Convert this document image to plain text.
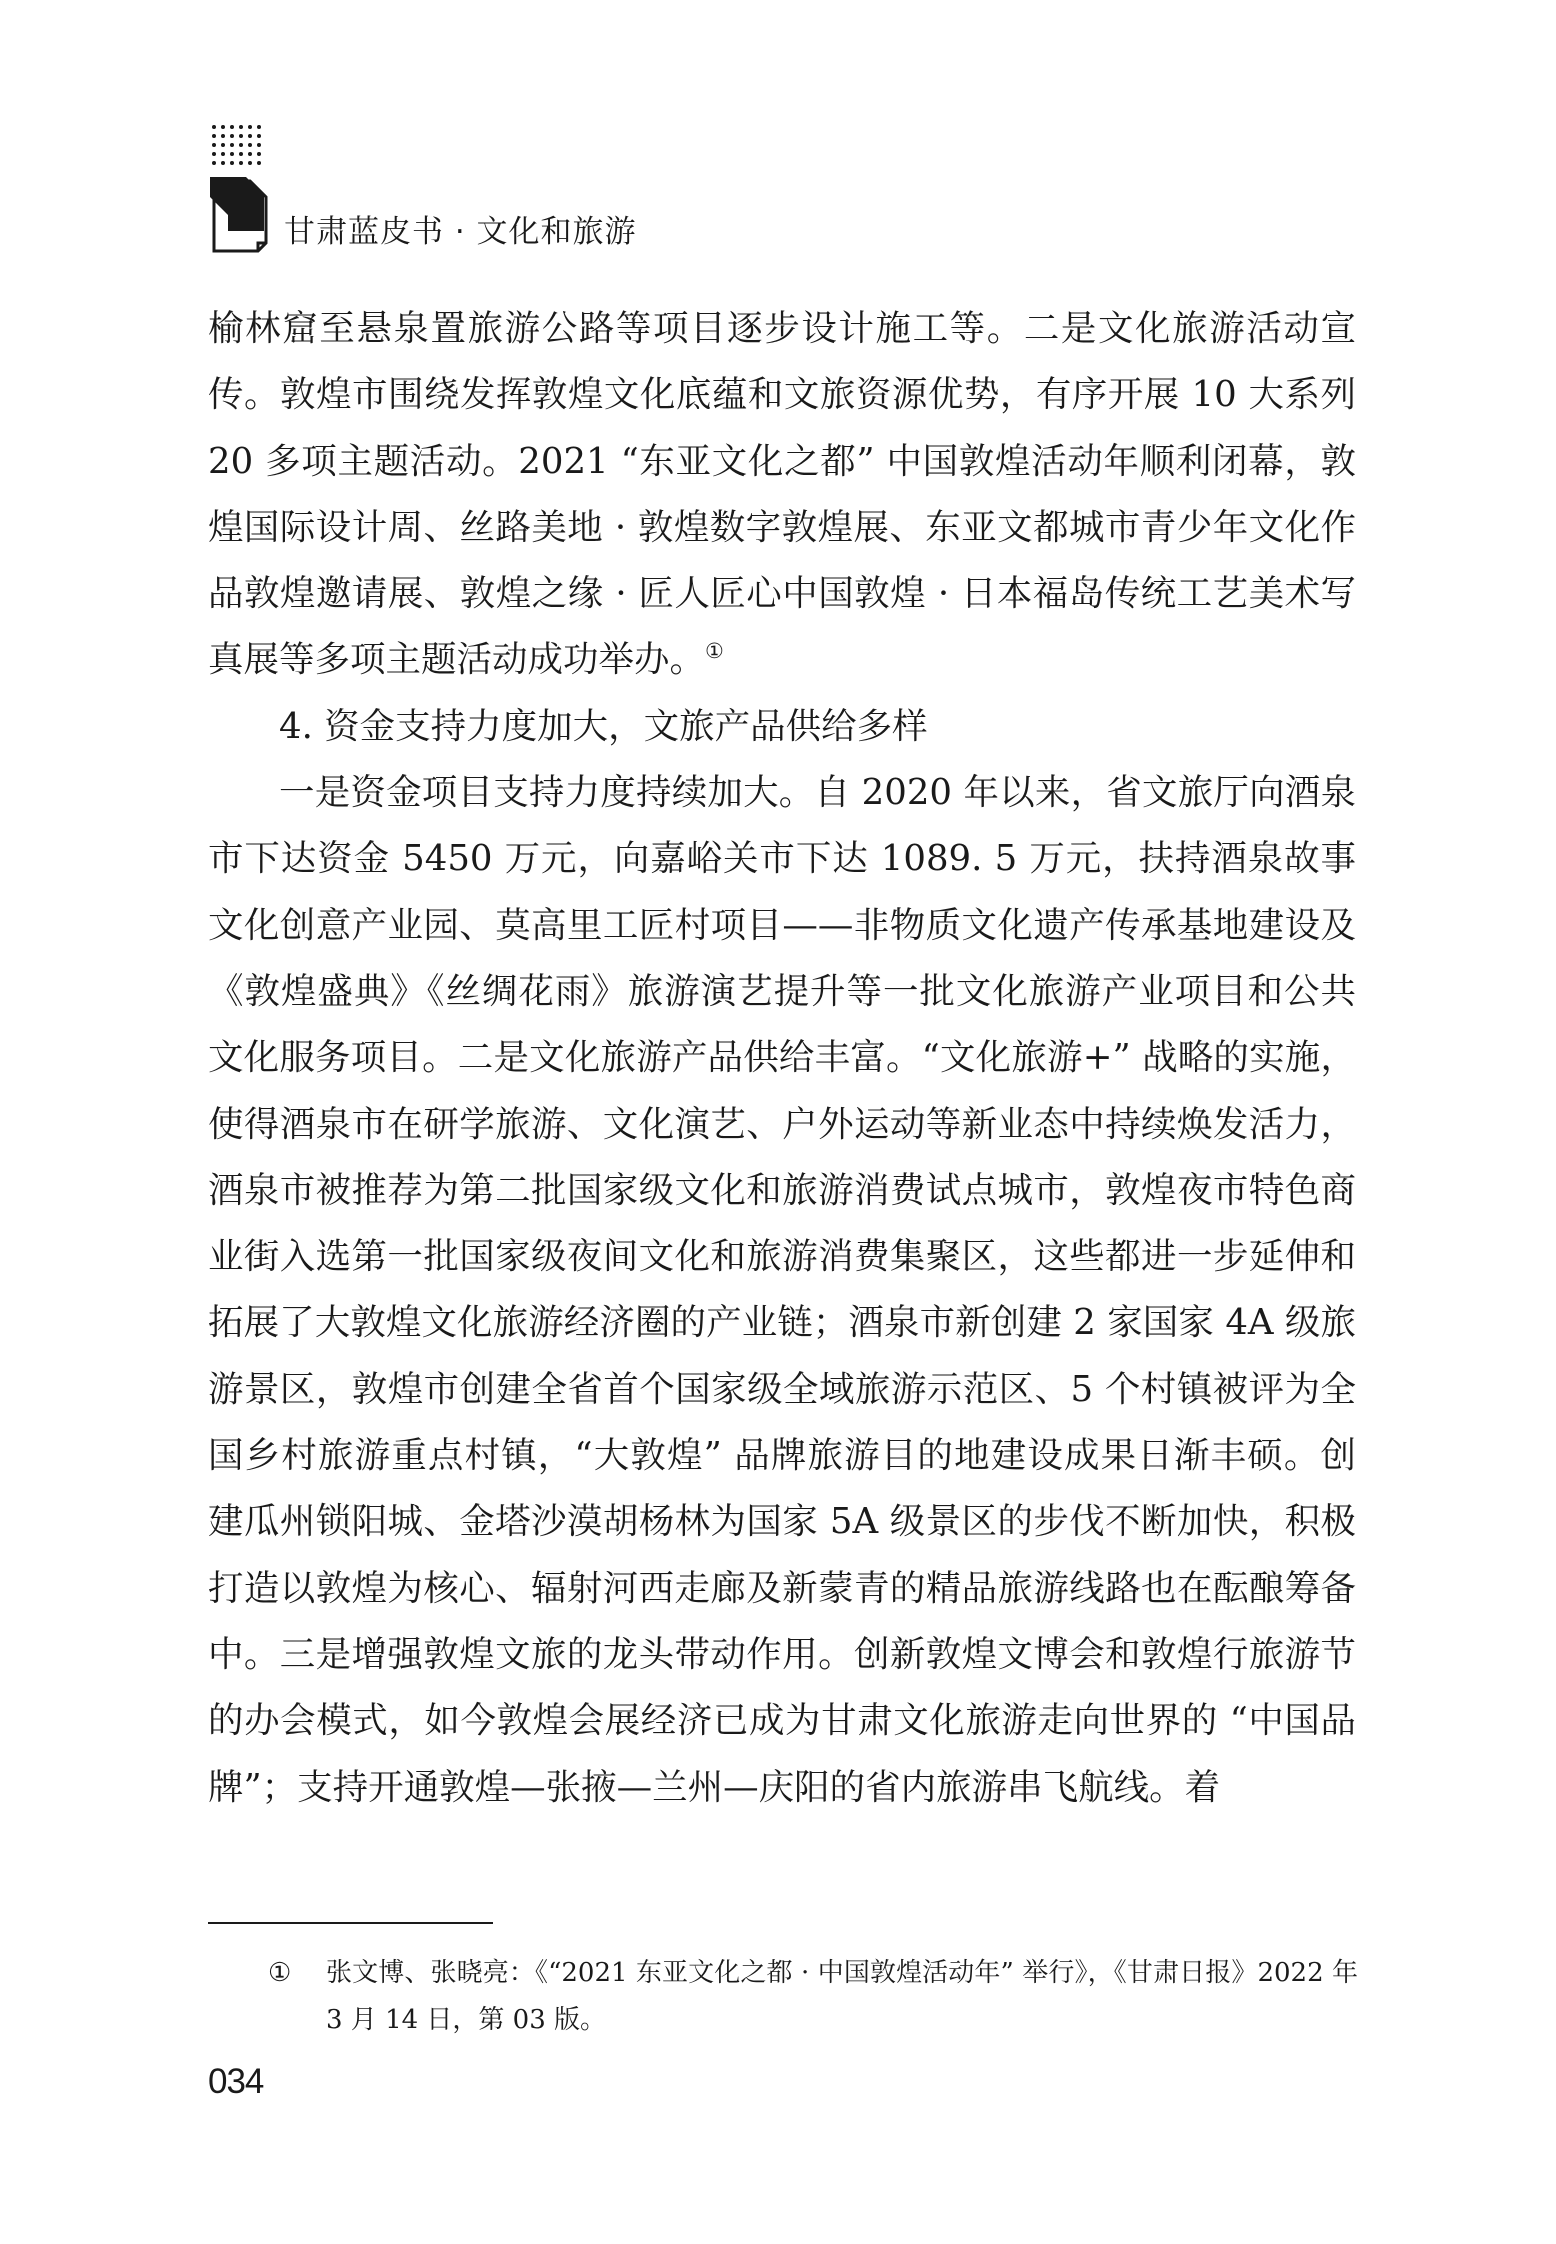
甘肃蓝皮书 · 文化和旅游

榆林窟至悬泉置旅游公路等项目逐步设计施工等。二是文化旅游活动宣传。敦煌市围绕发挥敦煌文化底蕴和文旅资源优势，有序开展 10 大系列 20 多项主题活动。2021 “东亚文化之都” 中国敦煌活动年顺利闭幕，敦煌国际设计周、丝路美地 · 敦煌数字敦煌展、东亚文都城市青少年文化作品敦煌邀请展、敦煌之缘 · 匠人匠心中国敦煌 · 日本福岛传统工艺美术写真展等多项主题活动成功举办。①

4. 资金支持力度加大，文旅产品供给多样

一是资金项目支持力度持续加大。自 2020 年以来，省文旅厅向酒泉市下达资金 5450 万元，向嘉峪关市下达 1089. 5 万元，扶持酒泉故事文化创意产业园、莫高里工匠村项目——非物质文化遗产传承基地建设及《敦煌盛典》《丝绸花雨》旅游演艺提升等一批文化旅游产业项目和公共文化服务项目。二是文化旅游产品供给丰富。“文化旅游+” 战略的实施，使得酒泉市在研学旅游、文化演艺、户外运动等新业态中持续焕发活力，酒泉市被推荐为第二批国家级文化和旅游消费试点城市，敦煌夜市特色商业街入选第一批国家级夜间文化和旅游消费集聚区，这些都进一步延伸和拓展了大敦煌文化旅游经济圈的产业链；酒泉市新创建 2 家国家 4A 级旅游景区，敦煌市创建全省首个国家级全域旅游示范区、5 个村镇被评为全国乡村旅游重点村镇，“大敦煌” 品牌旅游目的地建设成果日渐丰硕。创建瓜州锁阳城、金塔沙漠胡杨林为国家 5A 级景区的步伐不断加快，积极打造以敦煌为核心、辐射河西走廊及新蒙青的精品旅游线路也在酝酿筹备中。三是增强敦煌文旅的龙头带动作用。创新敦煌文博会和敦煌行旅游节的办会模式，如今敦煌会展经济已成为甘肃文化旅游走向世界的 “中国品牌”；支持开通敦煌—张掖—兰州—庆阳的省内旅游串飞航线。着

① 张文博、张晓亮：《“2021 东亚文化之都 · 中国敦煌活动年” 举行》，《甘肃日报》2022 年 3 月 14 日，第 03 版。
034
